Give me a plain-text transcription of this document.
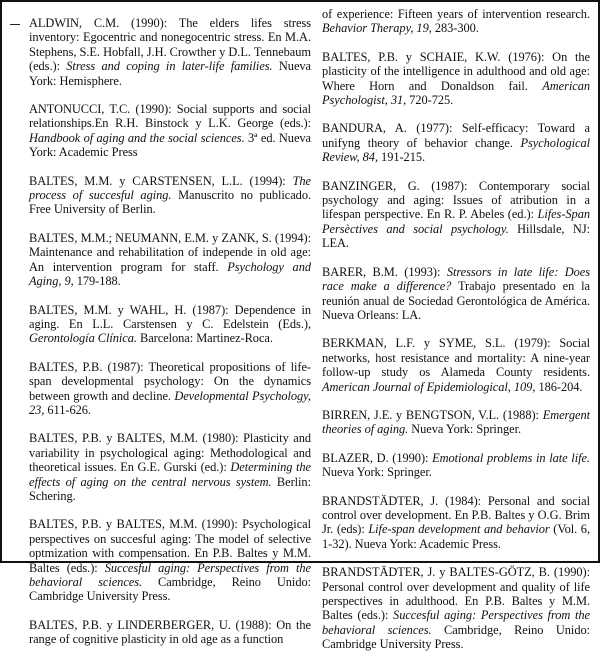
ALDWIN, C.M. (1990): The elders lifes stress inventory: Egocentric and nonegocentric stress. En M.A. Stephens, S.E. Hobfall, J.H. Crowther y D.L. Tennebaum (eds.): Stress and coping in later-life families. Nueva York: Hemisphere.

ANTONUCCI, T.C. (1990): Social supports and social relationships.En R.H. Binstock y L.K. George (eds.): Handbook of aging and the social sciences. 3ª ed. Nueva York: Academic Press

BALTES, M.M. y CARSTENSEN, L.L. (1994): The process of succesful aging. Manuscrito no publicado. Free University of Berlin.

BALTES, M.M.; NEUMANN, E.M. y ZANK, S. (1994): Maintenance and rehabilitation of independe in old age: An intervention program for staff. Psychology and Aging, 9, 179-188.

BALTES, M.M. y WAHL, H. (1987): Dependence in aging. En L.L. Carstensen y C. Edelstein (Eds.), Gerontología Clínica. Barcelona: Martinez-Roca.

BALTES, P.B. (1987): Theoretical propositions of life-span developmental psychology: On the dynamics between growth and decline. Developmental Psychology, 23, 611-626.

BALTES, P.B. y BALTES, M.M. (1980): Plasticity and variability in psychological aging: Methodological and theoretical issues. En G.E. Gurski (ed.): Determining the effects of aging on the central nervous system. Berlin: Schering.

BALTES, P.B. y BALTES, M.M. (1990): Psychological perspectives on succesful aging: The model of selective optmization with compensation. En P.B. Baltes y M.M. Baltes (eds.): Succesful aging: Perspectives from the behavioral sciences. Cambridge, Reino Unido: Cambridge University Press.

BALTES, P.B. y LINDERBERGER, U. (1988): On the range of cognitive plasticity in old age as a function

of experience: Fifteen years of intervention research. Behavior Therapy, 19, 283-300.

BALTES, P.B. y SCHAIE, K.W. (1976): On the plasticity of the intelligence in adulthood and old age: Where Horn and Donaldson fail. American Psychologist, 31, 720-725.

BANDURA, A. (1977): Self-efficacy: Toward a unifyng theory of behavior change. Psychological Review, 84, 191-215.

BANZINGER, G. (1987): Contemporary social psychology and aging: Issues of atribution in a lifespan perspective. En R. P. Abeles (ed.): Lifes-Span Persèctives and social psychology. Hillsdale, NJ: LEA.

BARER, B.M. (1993): Stressors in late life: Does race make a difference? Trabajo presentado en la reunión anual de Sociedad Gerontológica de América. Nueva Orleans: LA.

BERKMAN, L.F. y SYME, S.L. (1979): Social networks, host resistance and mortality: A nine-year follow-up study os Alameda County residents. American Journal of Epidemiological, 109, 186-204.

BIRREN, J.E. y BENGTSON, V.L. (1988): Emergent theories of aging. Nueva York: Springer.

BLAZER, D. (1990): Emotional problems in late life. Nueva York: Springer.

BRANDSTÄDTER, J. (1984): Personal and social control over development. En P.B. Baltes y O.G. Brim Jr. (eds): Life-span development and behavior (Vol. 6, 1-32). Nueva York: Academic Press.

BRANDSTÄDTER, J. y BALTES-GÖTZ, B. (1990): Personal control over development and quality of life perspectives in adulthood. En P.B. Baltes y M.M. Baltes (eds.): Succesful aging: Perspectives from the behavioral sciences. Cambridge, Reino Unido: Cambridge University Press.
